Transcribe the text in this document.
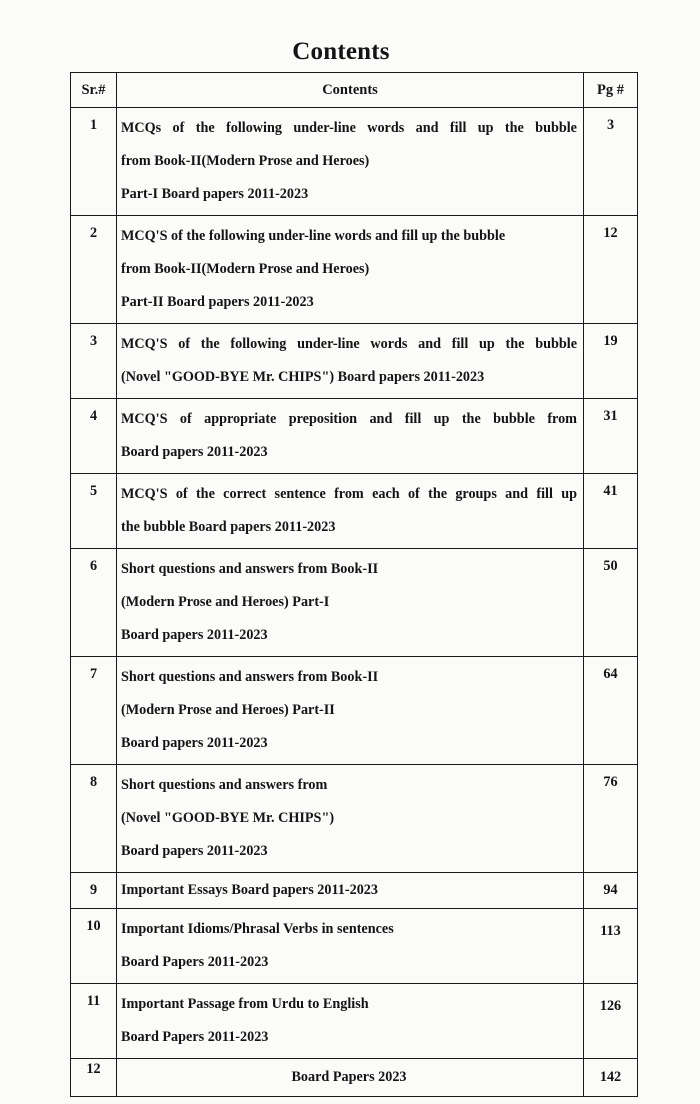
Contents
Sr.#	Contents	Pg #
1	MCQs of the following under-line words and fill up the bubble
from Book-II(Modern Prose and Heroes)
Part-I Board papers 2011-2023	3
2	MCQ'S of the following under-line words and fill up the bubble
from Book-II(Modern Prose and Heroes)
Part-II Board papers 2011-2023	12
3	MCQ'S of the following under-line words and fill up the bubble
(Novel "GOOD-BYE Mr. CHIPS") Board papers 2011-2023	19
4	MCQ'S of appropriate preposition and fill up the bubble from
Board papers 2011-2023	31
5	MCQ'S of the correct sentence from each of the groups and fill up
the bubble Board papers 2011-2023	41
6	Short questions and answers from Book-II
(Modern Prose and Heroes) Part-I
Board papers 2011-2023	50
7	Short questions and answers from Book-II
(Modern Prose and Heroes) Part-II
Board papers 2011-2023	64
8	Short questions and answers from
(Novel "GOOD-BYE Mr. CHIPS")
Board papers 2011-2023	76
9	Important Essays Board papers 2011-2023	94
10	Important Idioms/Phrasal Verbs in sentences
Board Papers 2011-2023	113
11	Important Passage from Urdu to English
Board Papers 2011-2023	126
12	Board Papers 2023	142
